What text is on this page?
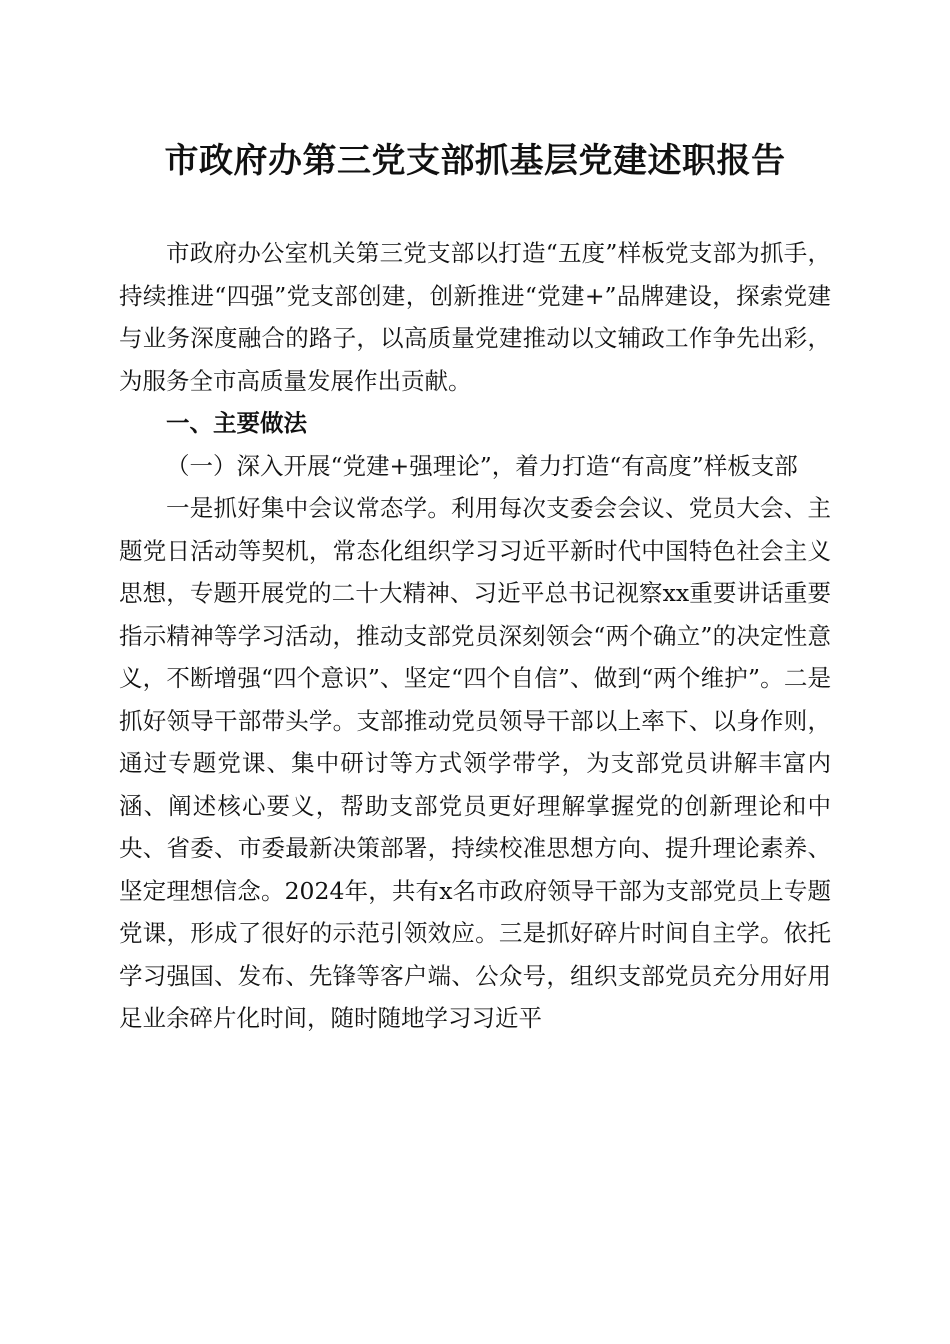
市政府办第三党支部抓基层党建述职报告

市政府办公室机关第三党支部以打造“五度”样板党支部为抓手，持续推进“四强”党支部创建，创新推进“党建+”品牌建设，探索党建与业务深度融合的路子，以高质量党建推动以文辅政工作争先出彩，为服务全市高质量发展作出贡献。

一、主要做法

（一）深入开展“党建+强理论”，着力打造“有高度”样板支部

一是抓好集中会议常态学。利用每次支委会会议、党员大会、主题党日活动等契机，常态化组织学习习近平新时代中国特色社会主义思想，专题开展党的二十大精神、习近平总书记视察xx重要讲话重要指示精神等学习活动，推动支部党员深刻领会“两个确立”的决定性意义，不断增强“四个意识”、坚定“四个自信”、做到“两个维护”。二是抓好领导干部带头学。支部推动党员领导干部以上率下、以身作则，通过专题党课、集中研讨等方式领学带学，为支部党员讲解丰富内涵、阐述核心要义，帮助支部党员更好理解掌握党的创新理论和中央、省委、市委最新决策部署，持续校准思想方向、提升理论素养、坚定理想信念。2024年，共有x名市政府领导干部为支部党员上专题党课，形成了很好的示范引领效应。三是抓好碎片时间自主学。依托学习强国、发布、先锋等客户端、公众号，组织支部党员充分用好用足业余碎片化时间，随时随地学习习近平
